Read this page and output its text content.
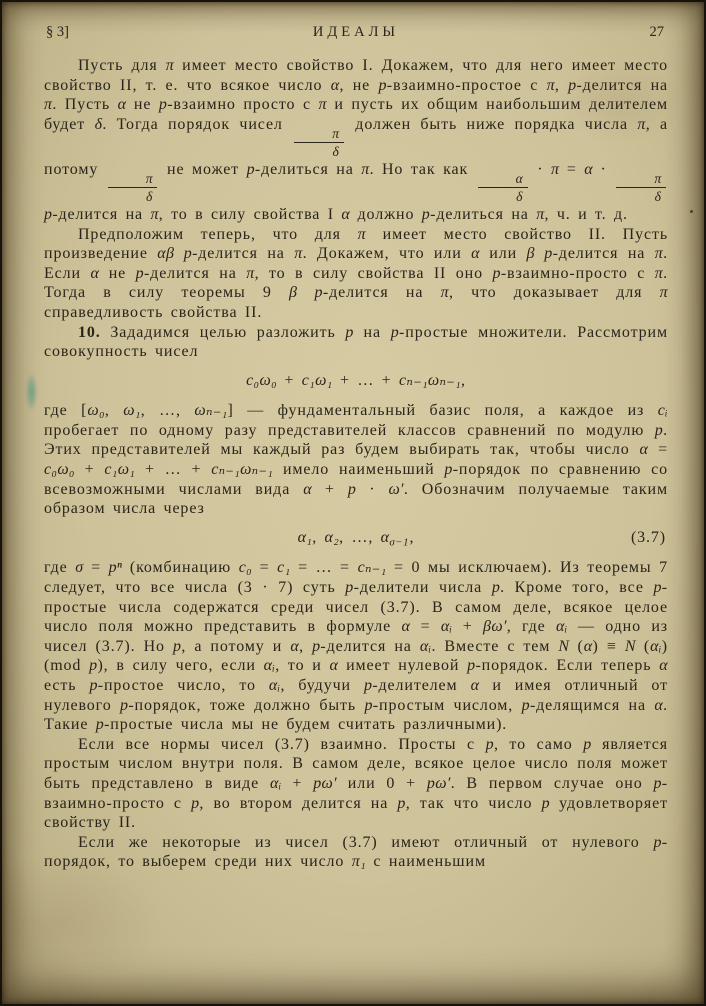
§ 3]	ИДЕАЛЫ	27

Пусть для π имеет место свойство I. Докажем, что для него имеет место свойство II, т. е. что всякое число α, не p-взаимно-простое с π, p-делится на π. Пусть α не p-взаимно просто с π и пусть их общим наибольшим делителем будет δ. Тогда порядок чисел
$\frac{\pi}{\delta}$
должен быть ниже порядка числа π, а потому
$\frac{\pi}{\delta}$
не может p-делиться на π. Но так как
$\frac{\alpha}{\delta}$
· π = α ·
$\frac{\pi}{\delta}$
p-делится на π, то в силу свойства I α должно p-делиться на π, ч. и т. д.

Предположим теперь, что для π имеет место свойство II. Пусть произведение αβ p-делится на π. Докажем, что или α или β p-делится на π. Если α не p-делится на π, то в силу свойства II оно p-взаимно-просто с π. Тогда в силу теоремы 9 β p-делится на π, что доказывает для π справедливость свойства II.

10. Зададимся целью разложить p на p-простые множители. Рассмотрим совокупность чисел

c₀ω₀ + c₁ω₁ + … + cₙ₋₁ωₙ₋₁,

где [ω₀, ω₁, …, ωₙ₋₁] — фундаментальный базис поля, а каждое из cᵢ пробегает по одному разу представителей классов сравнений по модулю p. Этих представителей мы каждый раз будем выбирать так, чтобы число α = c₀ω₀ + c₁ω₁ + … + cₙ₋₁ωₙ₋₁ имело наименьший p-порядок по сравнению со всевозможными числами вида α + p · ω′. Обозначим получаемые таким образом числа через

α₁, α₂, …, $\alpha_{\sigma-1}$,	(3.7)

где σ = pⁿ (комбинацию c₀ = c₁ = … = cₙ₋₁ = 0 мы исключаем). Из теоремы 7 следует, что все числа (3 · 7) суть p-делители числа p. Кроме того, все p-простые числа содержатся среди чисел (3.7). В самом деле, всякое целое число поля можно представить в формуле α = αᵢ + βω′, где αᵢ — одно из чисел (3.7). Но p, а потому и α, p-делится на αᵢ. Вместе с тем N (α) ≡ N (αᵢ) (mod p), в силу чего, если αᵢ, то и α имеет нулевой p-порядок. Если теперь α есть p-простое число, то αᵢ, будучи p-делителем α и имея отличный от нулевого p-порядок, тоже должно быть p-простым числом, p-делящимся на α. Такие p-простые числа мы не будем считать различными).

Если все нормы чисел (3.7) взаимно. Просты с p, то само p является простым числом внутри поля. В самом деле, всякое целое число поля может быть представлено в виде αᵢ + pω′ или 0 + pω′. В первом случае оно p-взаимно-просто с p, во втором делится на p, так что число p удовлетворяет свойству II.

Если же некоторые из чисел (3.7) имеют отличный от нулевого p-порядок, то выберем среди них число π₁ с наименьшим
